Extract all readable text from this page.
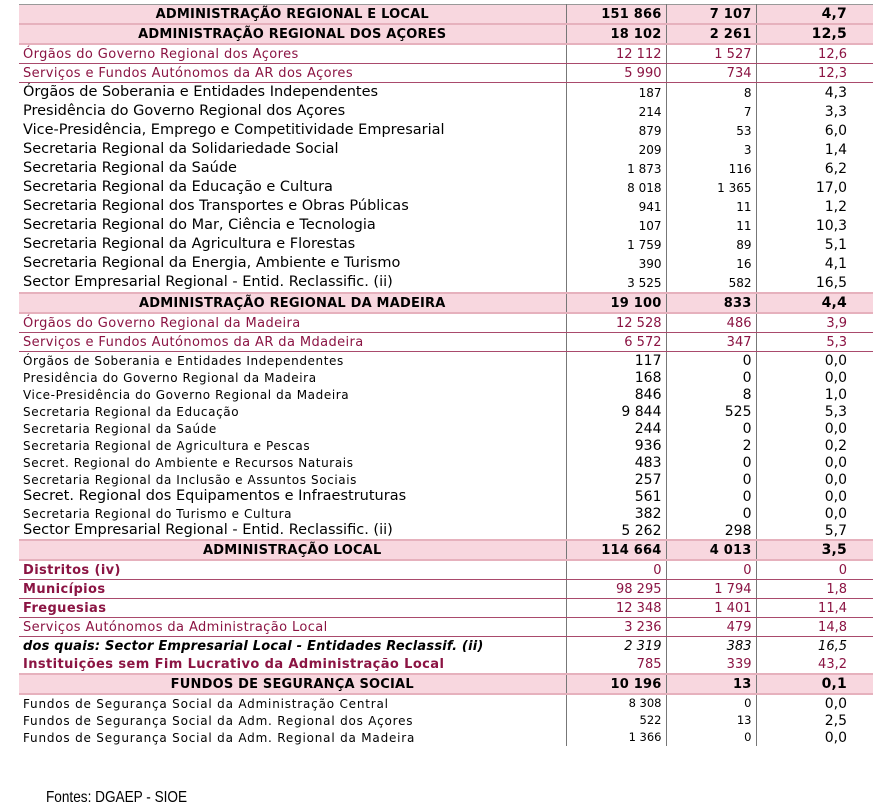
ADMINISTRAÇÃO REGIONAL E LOCAL	151 866	7 107	4,7
ADMINISTRAÇÃO REGIONAL DOS AÇORES	18 102	2 261	12,5
Órgãos do Governo Regional dos Açores	12 112	1 527	12,6
Serviços e Fundos Autónomos da AR dos Açores	5 990	734	12,3
Órgãos de Soberania e Entidades Independentes	187	8	4,3
Presidência do Governo Regional dos Açores	214	7	3,3
Vice-Presidência, Emprego e Competitividade Empresarial	879	53	6,0
Secretaria Regional da Solidariedade Social	209	3	1,4
Secretaria Regional da Saúde	1 873	116	6,2
Secretaria Regional da Educação e Cultura	8 018	1 365	17,0
Secretaria Regional dos Transportes e Obras Públicas	941	11	1,2
Secretaria Regional do Mar, Ciência e Tecnologia	107	11	10,3
Secretaria Regional da Agricultura e Florestas	1 759	89	5,1
Secretaria Regional da Energia, Ambiente e Turismo	390	16	4,1
Sector Empresarial Regional - Entid. Reclassific. (ii)	3 525	582	16,5
ADMINISTRAÇÃO REGIONAL DA MADEIRA	19 100	833	4,4
Órgãos do Governo Regional da Madeira	12 528	486	3,9
Serviços e Fundos Autónomos da AR da Mdadeira	6 572	347	5,3
Órgãos de Soberania e Entidades Independentes	117	0	0,0
Presidência do Governo Regional da Madeira	168	0	0,0
Vice-Presidência do Governo Regional da Madeira	846	8	1,0
Secretaria Regional da Educação	9 844	525	5,3
Secretaria Regional da Saúde	244	0	0,0
Secretaria Regional de Agricultura e Pescas	936	2	0,2
Secret. Regional do Ambiente e Recursos Naturais	483	0	0,0
Secretaria Regional da Inclusão e Assuntos Sociais	257	0	0,0
Secret. Regional dos Equipamentos e Infraestruturas	561	0	0,0
Secretaria Regional do Turismo e Cultura	382	0	0,0
Sector Empresarial Regional - Entid. Reclassific. (ii)	5 262	298	5,7
ADMINISTRAÇÃO LOCAL	114 664	4 013	3,5
Distritos (iv)	0	0	0
Municípios	98 295	1 794	1,8
Freguesias	12 348	1 401	11,4
Serviços Autónomos da Administração Local	3 236	479	14,8
dos quais: Sector Empresarial Local - Entidades Reclassif. (ii)	2 319	383	16,5
Instituições sem Fim Lucrativo da Administração Local	785	339	43,2
FUNDOS DE SEGURANÇA SOCIAL	10 196	13	0,1
Fundos de Segurança Social da Administração Central	8 308	0	0,0
Fundos de Segurança Social da Adm. Regional dos Açores	522	13	2,5
Fundos de Segurança Social da Adm. Regional da Madeira	1 366	0	0,0
Fontes: DGAEP - SIOE
